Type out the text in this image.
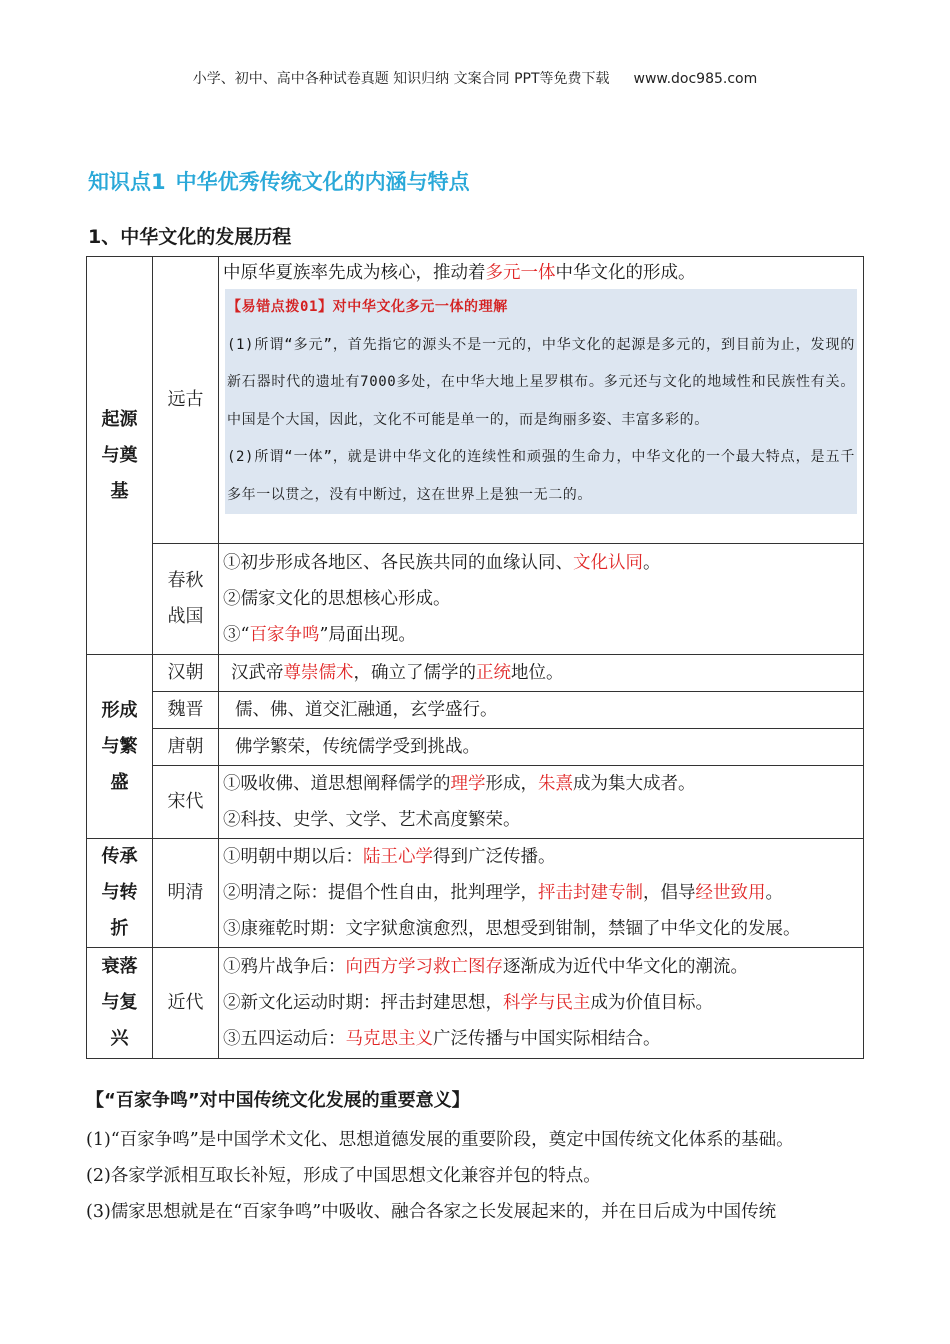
小学、初中、高中各种试卷真题 知识归纳 文案合同 PPT等免费下载 www.doc985.com
知识点1 中华优秀传统文化的内涵与特点
1、中华文化的发展历程
起源与奠基	远古	中原华夏族率先成为核心，推动着多元一体中华文化的形成。
【易错点拨01】对中华文化多元一体的理解

(1)所谓“多元”，首先指它的源头不是一元的，中华文化的起源是多元的，到目前为止，发现的新石器时代的遗址有7000多处，在中华大地上星罗棋布。多元还与文化的地域性和民族性有关。中国是个大国，因此，文化不可能是单一的，而是绚丽多姿、丰富多彩的。

(2)所谓“一体”，就是讲中华文化的连续性和顽强的生命力，中华文化的一个最大特点，是五千多年一以贯之，没有中断过，这在世界上是独一无二的。

	春秋战国	①初步形成各地区、各民族共同的血缘认同、文化认同。
②儒家文化的思想核心形成。
③“百家争鸣”局面出现。

形成与繁盛	汉朝	汉武帝尊崇儒术，确立了儒学的正统地位。

	魏晋	儒、佛、道交汇融通，玄学盛行。

	唐朝	佛学繁荣，传统儒学受到挑战。

	宋代	①吸收佛、道思想阐释儒学的理学形成，朱熹成为集大成者。
②科技、史学、文学、艺术高度繁荣。

传承与转折	明清	①明朝中期以后：陆王心学得到广泛传播。
②明清之际：提倡个性自由，批判理学，抨击封建专制，倡导经世致用。
③康雍乾时期：文字狱愈演愈烈，思想受到钳制，禁锢了中华文化的发展。

衰落与复兴	近代	①鸦片战争后：向西方学习救亡图存逐渐成为近代中华文化的潮流。
②新文化运动时期：抨击封建思想，科学与民主成为价值目标。
③五四运动后：马克思主义广泛传播与中国实际相结合。
【“百家争鸣”对中国传统文化发展的重要意义】
(1)“百家争鸣”是中国学术文化、思想道德发展的重要阶段，奠定中国传统文化体系的基础。
(2)各家学派相互取长补短，形成了中国思想文化兼容并包的特点。
(3)儒家思想就是在“百家争鸣”中吸收、融合各家之长发展起来的，并在日后成为中国传统
